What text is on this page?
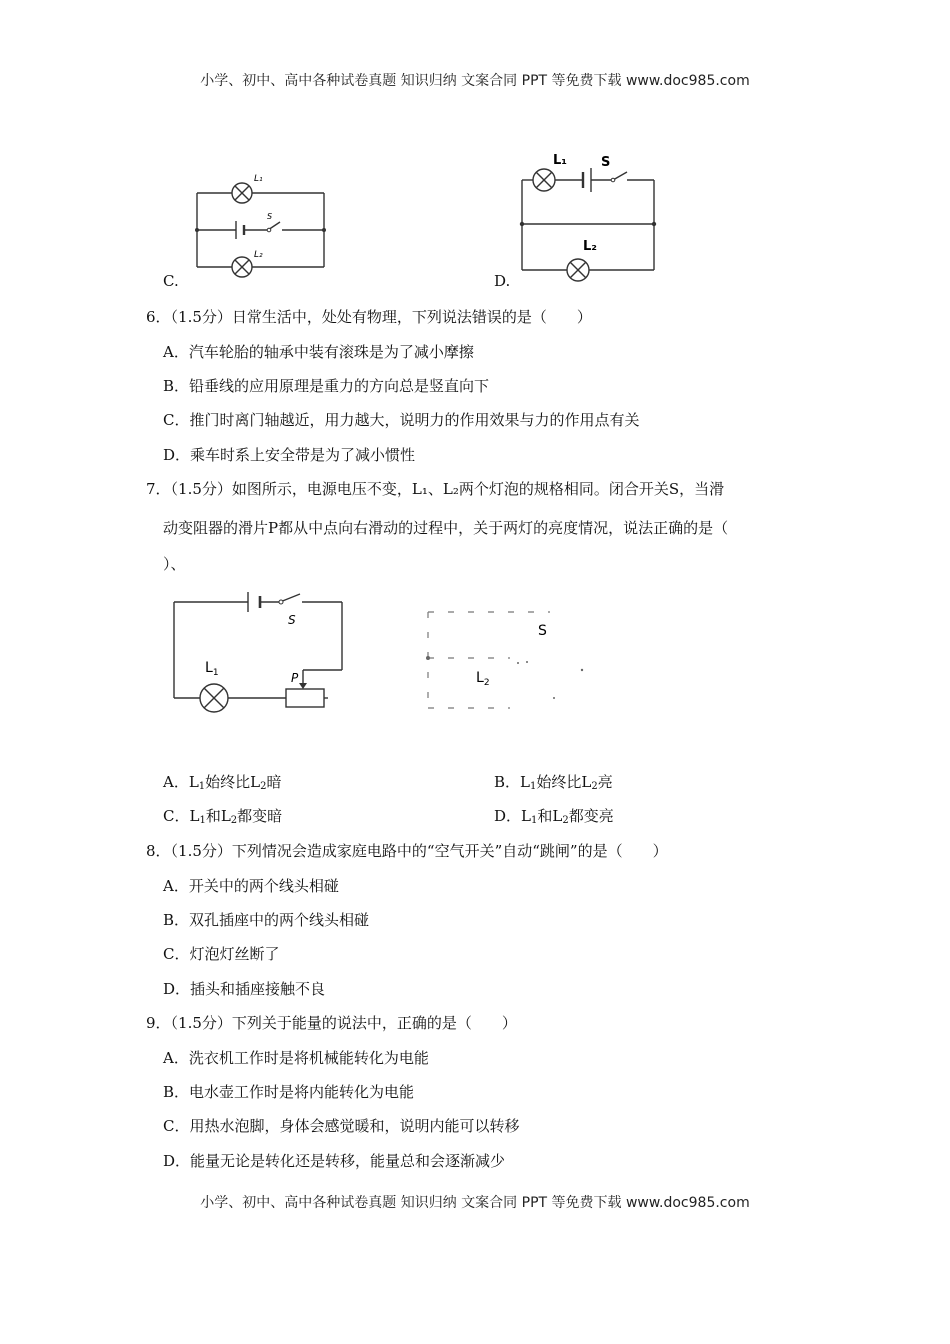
小学、初中、高中各种试卷真题 知识归纳 文案合同 PPT 等免费下载 www.doc985.com
L₁
S
L₂
C.
L₁	S
L₂
D.
6．（1.5分）日常生活中，处处有物理，下列说法错误的是（　　）
A．汽车轮胎的轴承中装有滚珠是为了减小摩擦
B．铅垂线的应用原理是重力的方向总是竖直向下
C．推门时离门轴越近，用力越大，说明力的作用效果与力的作用点有关
D．乘车时系上安全带是为了减小惯性
7．（1.5分）如图所示，电源电压不变，L₁、L₂两个灯泡的规格相同。闭合开关S，当滑
动变阻器的滑片P都从中点向右滑动的过程中，关于两灯的亮度情况，说法正确的是（
）、
S
$L_1$	P
S
$L_2$
A．$L_1$始终比$L_2$暗	B．$L_1$始终比$L_2$亮
C．$L_1$和$L_2$都变暗	D．$L_1$和$L_2$都变亮
8．（1.5分）下列情况会造成家庭电路中的“空气开关”自动“跳闸”的是（　　）
A．开关中的两个线头相碰
B．双孔插座中的两个线头相碰
C．灯泡灯丝断了
D．插头和插座接触不良
9．（1.5分）下列关于能量的说法中，正确的是（　　）
A．洗衣机工作时是将机械能转化为电能
B．电水壶工作时是将内能转化为电能
C．用热水泡脚，身体会感觉暖和，说明内能可以转移
D．能量无论是转化还是转移，能量总和会逐渐减少
小学、初中、高中各种试卷真题 知识归纳 文案合同 PPT 等免费下载 www.doc985.com
